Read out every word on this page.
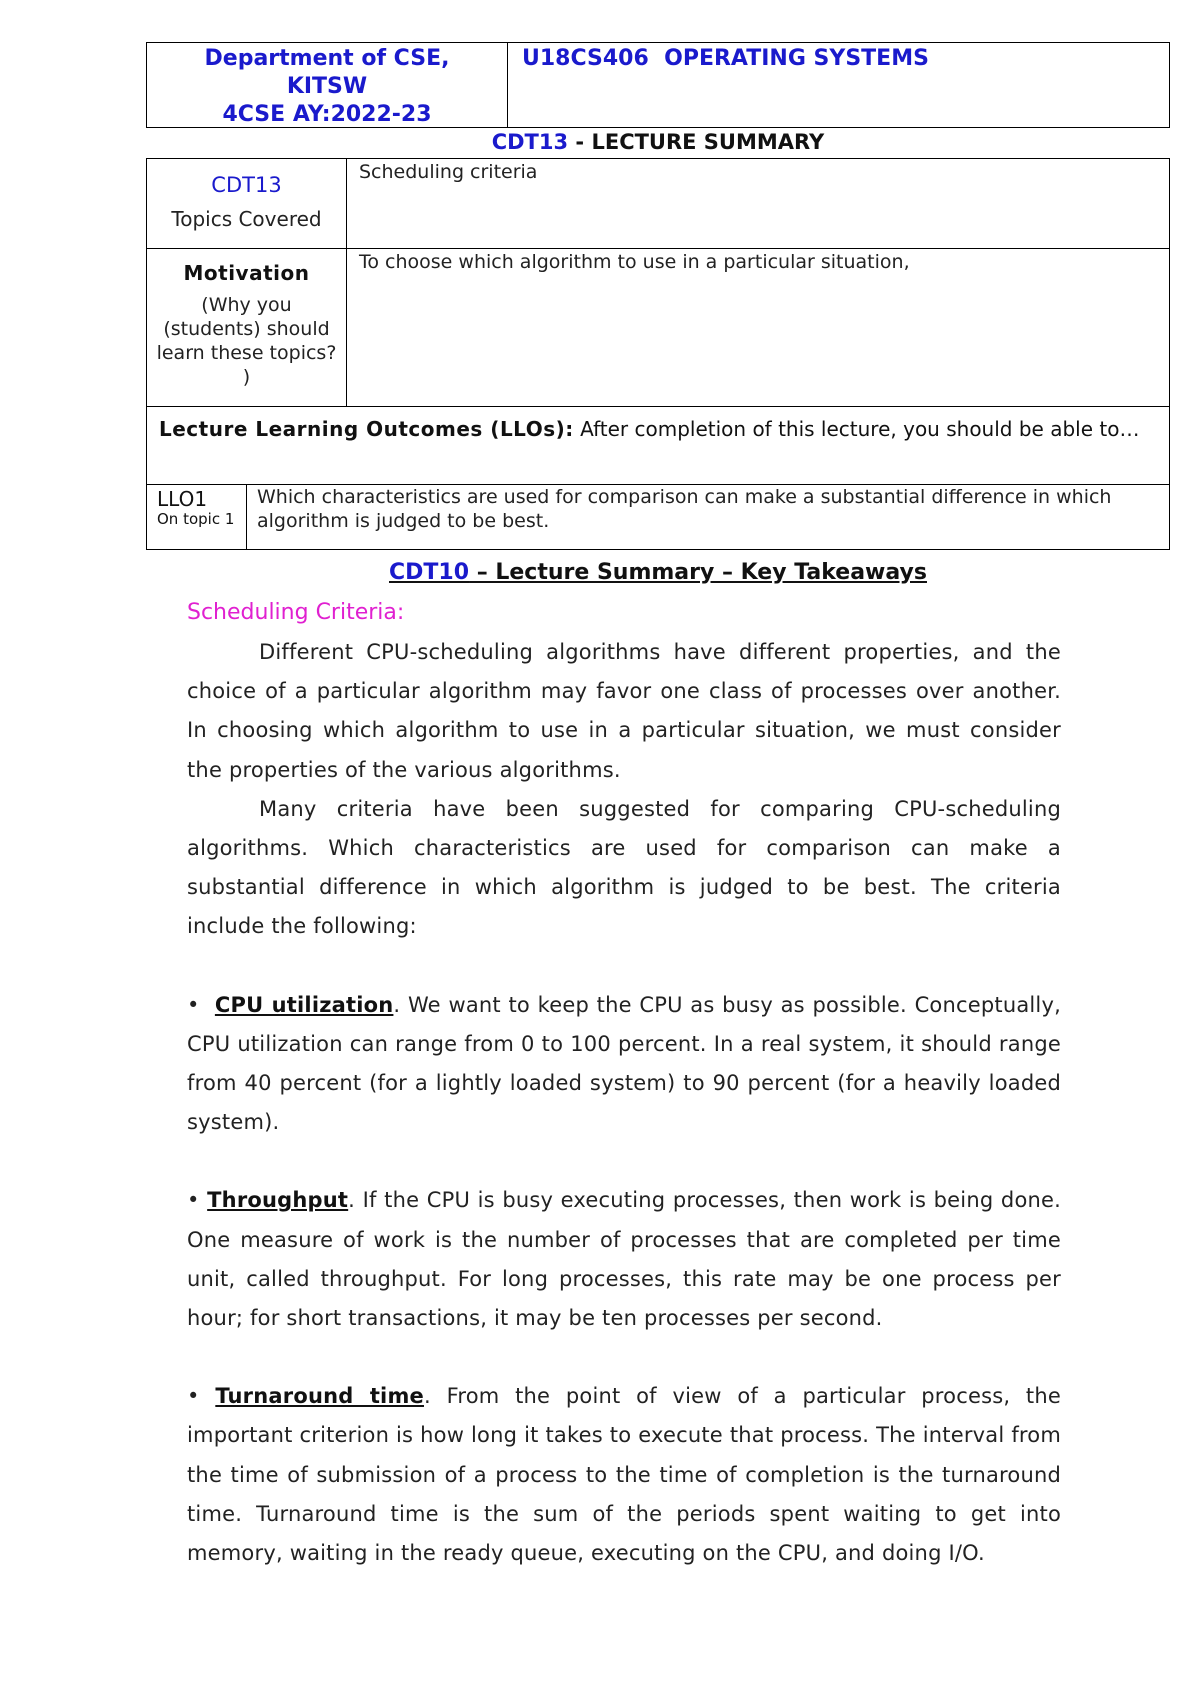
Department of CSE,
KITSW
4CSE AY:2022-23
U18CS406  OPERATING SYSTEMS
CDT13 - LECTURE SUMMARY
CDT13
Topics Covered
Scheduling criteria
Motivation
(Why you (students) should learn these topics? )
To choose which algorithm to use in a particular situation,
Lecture Learning Outcomes (LLOs): After completion of this lecture, you should be able to…
LLO1
On topic 1
Which characteristics are used for comparison can make a substantial difference in which algorithm is judged to be best.
CDT10 – Lecture Summary – Key Takeaways
Scheduling Criteria:

Different CPU-scheduling algorithms have different properties, and the choice of a particular algorithm may favor one class of processes over another. In choosing which algorithm to use in a particular situation, we must consider the properties of the various algorithms.

Many criteria have been suggested for comparing CPU-scheduling algorithms. Which characteristics are used for comparison can make a substantial difference in which algorithm is judged to be best. The criteria include the following:

• CPU utilization. We want to keep the CPU as busy as possible. Conceptually, CPU utilization can range from 0 to 100 percent. In a real system, it should range from 40 percent (for a lightly loaded system) to 90 percent (for a heavily loaded system).

• Throughput. If the CPU is busy executing processes, then work is being done. One measure of work is the number of processes that are completed per time unit, called throughput. For long processes, this rate may be one process per hour; for short transactions, it may be ten processes per second.

• Turnaround time. From the point of view of a particular process, the important criterion is how long it takes to execute that process. The interval from the time of submission of a process to the time of completion is the turnaround time. Turnaround time is the sum of the periods spent waiting to get into memory, waiting in the ready queue, executing on the CPU, and doing I/O.
